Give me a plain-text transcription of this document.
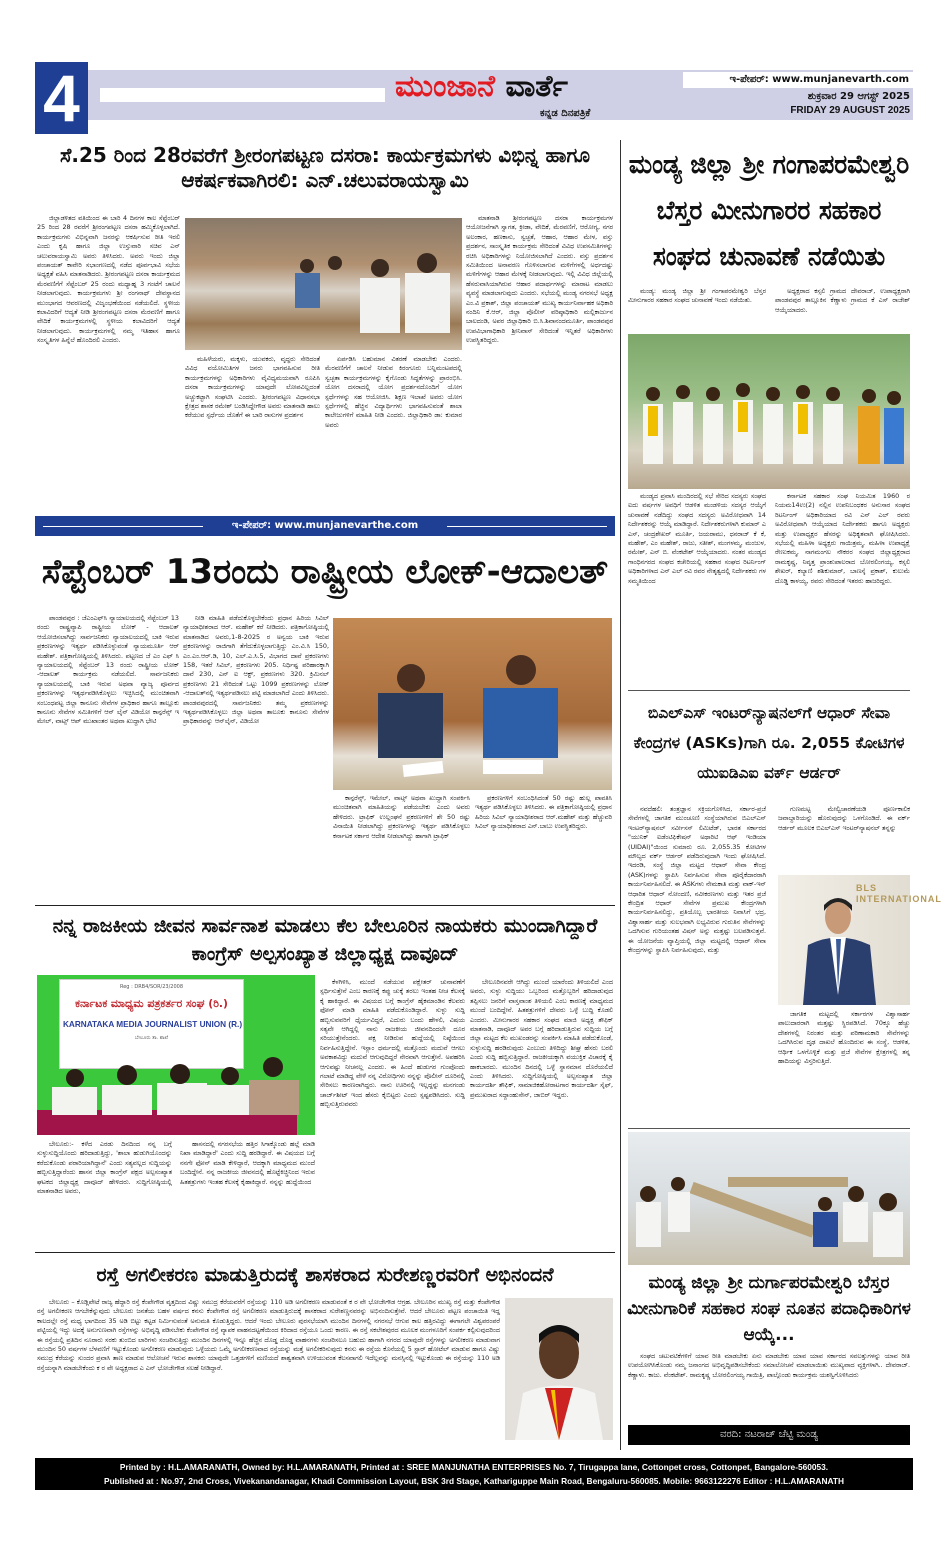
4	ಮುಂಜಾನೆ ವಾರ್ತೆ
ಕನ್ನಡ ದಿನಪತ್ರಿಕೆ
ಇ-ಪೇಪರ್: www.munjanevarth.com
ಶುಕ್ರವಾರ 29 ಆಗಸ್ಟ್ 2025
FRIDAY 29 AUGUST 2025
ಸೆ.25 ರಿಂದ 28ರವರೆಗೆ ಶ್ರೀರಂಗಪಟ್ಟಣ ದಸರಾ: ಕಾರ್ಯಕ್ರಮಗಳು ವಿಭಿನ್ನ ಹಾಗೂ ಆಕರ್ಷಕವಾಗಿರಲಿ: ಎನ್.ಚಲುವರಾಯಸ್ವಾಮಿ
ಜಿಲ್ಲಾಡಳಿತದ ವತಿಯಿಂದ ಈ ಬಾರಿ 4 ದಿನಗಳ ಕಾಲ ಸೆಪ್ಟೆಂಬರ್ 25 ರಿಂದ 28 ರವರೆಗೆ ಶ್ರೀರಂಗಪಟ್ಟಣ ದಸರಾ ಹಮ್ಮಿಕೊಳ್ಳಲಾಗಿದೆ. ಕಾರ್ಯಕ್ರಮಗಳು ವಿಭಿನ್ನವಾಗಿ ಜನರನ್ನು ಆಕರ್ಷಿಸುವ ರೀತಿ ಇರಲಿ ಎಂದು ಕೃಷಿ ಹಾಗೂ ಜಿಲ್ಲಾ ಉಸ್ತುವಾರಿ ಸಚಿವ ಎನ್ ಚಲುವರಾಯಸ್ವಾಮಿ ಅವರು ತಿಳಿಸಿದರು. ಅವರು ಇಂದು ಜಿಲ್ಲಾ ಪಂಚಾಯತ್ ಕಾವೇರಿ ಸಭಾಂಗಣದಲ್ಲಿ ನಡೆದ ಪೂರ್ವಭಾವಿ ಸಭೆಯ ಅಧ್ಯಕ್ಷತೆ ವಹಿಸಿ ಮಾತನಾಡಿದರು. ಶ್ರೀರಂಗಪಟ್ಟಣ ದಸರಾ ಕಾರ್ಯಕ್ರಮದ ಮೆರವಣಿಗೆಗೆ ಸೆಪ್ಟೆಂಬರ್ 25 ರಂದು ಮಧ್ಯಾಹ್ನ 3 ಗಂಟೆಗೆ ಚಾಲನೆ ನೀಡಲಾಗುವುದು. ಕಾರ್ಯಕ್ರಮಗಳು ಶ್ರೀ ರಂಗನಾಥ್ ದೇವಸ್ಥಾನದ ಮುಂಭಾಗದ ಆವರಣದಲ್ಲಿ ವಿಜೃಂಭಣೆಯಿಂದ ನಡೆಯಲಿದೆ. ಸ್ಥಳೀಯ ಕಲಾವಿದರಿಗೆ ಆದ್ಯತೆ ನೀಡಿ ಶ್ರೀರಂಗಪಟ್ಟಣ ದಸರಾ ಮೆರವಣಿಗೆ ಹಾಗೂ ವೇದಿಕೆ ಕಾರ್ಯಕ್ರಮಗಳಲ್ಲಿ ಸ್ಥಳೀಯ ಕಲಾವಿದರಿಗೆ ಆದ್ಯತೆ ನೀಡಲಾಗುವುದು. ಕಾರ್ಯಕ್ರಮಗಳಲ್ಲಿ ನಮ್ಮ ಇತಿಹಾಸ ಹಾಗೂ ಸಂಸ್ಕೃತಿಗಳ ಹಿನ್ನೆಲೆ ಹೊಂದಿರಲಿ ಎಂದರು.
ಮಹಿಳೆಯರು, ಮಕ್ಕಳು, ಯುವಕರು, ವೃದ್ಧರು ಸೇರಿದಂತೆ ವಿವಿಧ ವಯೋಮಿತಿಗಳ ಜನರು ಭಾಗವಹಿಸುವ ರೀತಿ ಕಾರ್ಯಕ್ರಮಗಳನ್ನು ಅಧಿಕಾರಿಗಳು ವೈವಿಧ್ಯಮಯವಾಗಿ ರೂಪಿಸಿ ದಸರಾ ಕಾರ್ಯಕ್ರಮಗಳನ್ನು ಯಾವುದೇ ಲೋಪವಿಲ್ಲದಂತೆ ಅಚ್ಚುಕಟ್ಟಾಗಿ ಸಂಘಟಿಸಿ ಎಂದರು. ಶ್ರೀರಂಗಪಟ್ಟಣ ವಿಧಾನಸಭಾ ಕ್ಷೇತ್ರದ ಶಾಸಕ ರಮೇಶ್ ಬಂಡಿಸಿದ್ದೇಗೌಡ ಅವರು ಮಾತನಾಡಿ ಹಾಲು ಕರೆಯುವ ಸ್ಪರ್ಧೆಯ ಜೊತೆಗೆ ಈ ಬಾರಿ ರಾಸುಗಳ ಪ್ರದರ್ಶನ
ಏರ್ಪಡಿಸಿ ಬಹುಮಾನ ವಿತರಣೆ ಮಾಡಬೇಕು ಎಂದರು. ಮೆರವಣಿಗೆಗೆ ಚಾಲನೆ ನೀಡುವ ಕಿರಂಗೂರು ಬನ್ನಿಮಂಟಪದಲ್ಲಿ ಸ್ವಚ್ಛತಾ ಕಾರ್ಯಕ್ರಮಗಳನ್ನು ಕೈಗೊಂಡು ಸಿದ್ಧತೆಗಳನ್ನು ಪ್ರಾರಂಭಿಸಿ. ಯೋಗ ದಸರಾದಲ್ಲಿ ಯೋಗ ಪ್ರದರ್ಶನದೊಂದಿಗೆ ಯೋಗ ಸ್ಪರ್ಧೆಗಳನ್ನು ಸಹ ಆಯೋಜಿಸಿ. ಶಿಕ್ಷಣ ಇಲಾಖೆ ಅವರು ಯೋಗ ಸ್ಪರ್ಧೆಗಳಲ್ಲಿ ಹೆಚ್ಚಿನ ವಿದ್ಯಾರ್ಥಿಗಳು ಭಾಗವಹಿಸುವಂತೆ ಶಾಲಾ ಕಾಲೇಜುಗಳಿಗೆ ಮಾಹಿತಿ ನೀಡಿ ಎಂದರು. ಜಿಲ್ಲಾಧಿಕಾರಿ ಡಾ: ಕುಮಾರ ಅವರು
ಮಾತನಾಡಿ ಶ್ರೀರಂಗಪಟ್ಟಣ ದಸರಾ ಕಾರ್ಯಕ್ರಮಗಳ ಆಯೋಜನೆಗಾಗಿ ಸ್ವಾಗತ, ಕ್ರೀಡಾ, ವೇದಿಕೆ, ಮೆರವಣಿಗೆ, ಆರೋಗ್ಯ, ನಗರ ಅಲಂಕಾರ, ಹಣಕಾಸು, ಸ್ವಚ್ಛತೆ, ಆಹಾರ, ಆಹಾರ ಮೇಳ, ವಸ್ತು ಪ್ರದರ್ಶನ, ಸಾಂಸ್ಕೃತಿಕ ಕಾರ್ಯಕ್ರಮ ಸೇರಿದಂತೆ ವಿವಿಧ ಉಪಸಮಿತಿಗಳನ್ನು ರಚಿಸಿ ಅಧಿಕಾರಿಗಳನ್ನು ನಿಯೋಜಿಸಲಾಗಿದೆ ಎಂದರು. ವಸ್ತು ಪ್ರದರ್ಶನ ಸಮಿತಿಯಿಂದ ಅನಾವರಣ ಗೊಳಿಸಲಾಗುವ ಮಳಿಗೆಗಳಲ್ಲಿ ಅರ್ಧದಷ್ಟು ಮಳಿಗೆಗಳನ್ನು ಆಹಾರ ಮೇಳಕ್ಕೆ ನೀಡಲಾಗುವುದು. ಇಲ್ಲಿ ವಿವಿಧ ಜಿಲ್ಲೆಯಲ್ಲಿ ಹೆಸರುವಾಸಿಯಾಗಿರುವ ಆಹಾರ ಪದಾರ್ಥಗಳನ್ನು ಮಾರಾಟ ಮಾಡಲು ವ್ಯವಸ್ಥೆ ಮಾಡಲಾಗುವುದು ಎಂದರು. ಸಭೆಯಲ್ಲಿ ಮಂಡ್ಯ ನಗರಸಭೆ ಅಧ್ಯಕ್ಷ ಎಂ.ವಿ ಪ್ರಕಾಶ್, ಜಿಲ್ಲಾ ಪಂಚಾಯತ್ ಮುಖ್ಯ ಕಾರ್ಯನಿರ್ವಾಹಕ ಅಧಿಕಾರಿ ನಂದಿನಿ ಕೆ.ಆರ್, ಜಿಲ್ಲಾ ಪೊಲೀಸ್ ವರಿಷ್ಠಾಧಿಕಾರಿ ಮಲ್ಲಿಕಾರ್ಜುನ ಬಾಲದಂಡಿ, ಅಪರ ಜಿಲ್ಲಾಧಿಕಾರಿ ಬಿ.ಸಿ.ಶಿವಾನಂದಮೂರ್ತಿ, ಪಾಂಡವಪುರ ಉಪವಿಭಾಗಾಧಿಕಾರಿ ಶ್ರೀನಿವಾಸ್ ಸೇರಿದಂತೆ ಇನ್ನಿತರೆ ಅಧಿಕಾರಿಗಳು ಉಪಸ್ಥಿತರಿದ್ದರು.
ಇ-ಪೇಪರ್: www.munjanevarthe.com
ಸೆಪ್ಟೆಂಬರ್ 13ರಂದು ರಾಷ್ಟ್ರೀಯ ಲೋಕ್-ಆದಾಲತ್
ಪಾಂಡವಪುರ : ಜೆಎಂಎಫ್‌ಸಿ ನ್ಯಾಯಾಲಯದಲ್ಲಿ ಸೆಪ್ಟೆಂಬರ್ 13 ರಂದು ರಾಷ್ಟ್ರವ್ಯಾಪಿ ರಾಷ್ಟ್ರೀಯ ಲೋಕ್ - ಆದಾಲತ್ ಆಯೋಜಿಸಲಾಗಿದ್ದು ಸಾರ್ವಜನಿಕರು ನ್ಯಾಯಾಲಯದಲ್ಲಿ ಬಾಕಿ ಇರುವ ಪ್ರಕರಣಗಳನ್ನು ಇತ್ಯರ್ಥ ಪಡಿಸಿಕೊಳ್ಳುವಂತೆ ನ್ಯಾಯಮೂರ್ತಿ ಆರ್ ಮಹೇಶ್. ಪತ್ರಿಕಾಗೋಷ್ಠಿಯಲ್ಲಿ ತಿಳಿಸಿದರು. ಪಟ್ಟಣದ ಜೆ ಎಂ ಎಫ್ ಸಿ ನ್ಯಾಯಾಲಯದಲ್ಲಿ ಸೆಪ್ಟೆಂಬರ್ 13 ರಂದು ರಾಷ್ಟ್ರೀಯ ಲೋಕ್ -ಆದಾಲತ್ ಕಾರ್ಯಕ್ರಮ ನಡೆಯಲಿದೆ. ಸಾರ್ವಜನಿಕರು ನ್ಯಾಯಾಲಯದಲ್ಲಿ ಬಾಕಿ ಇರುವ ಅಥವಾ ವ್ಯಾಜ್ಯ ಪೂರ್ವದ ಪ್ರಕರಣಗಳನ್ನು ಇತ್ಯರ್ಥಪಡಿಸಿಕೊಳ್ಳಲು ಇಚ್ಛಿಸಿದಲ್ಲಿ ಮುಂಚಿತವಾಗಿ ಸಂಬಂಧಪಟ್ಟ ಜಿಲ್ಲಾ ಕಾನೂನು ಸೇವೆಗಳ ಪ್ರಾಧಿಕಾರ ಹಾಗೂ ತಾಲ್ಲೂಕು ಕಾನೂನು ಸೇವೆಗಳ ಸಮಿತಿಗಳಿಗೆ ಆನ್ ಲೈನ್ ವಿಡಿಯೋ ಕಾನ್ಫರೆನ್ಸ್ ಇ ಮೇಲ್, ವಾಟ್ಸ್ ಆಪ್ ಮುಖಾಂತರ ಅಥವಾ ಖುದ್ದಾಗಿ ಭೇಟಿ
ನೀಡಿ ಮಾಹಿತಿ ಪಡೆದುಕೊಳ್ಳಬೇಕೆಂದು ಪ್ರಧಾನ ಹಿರಿಯ ಸಿವಿಲ್ ನ್ಯಾಯಾಧೀಶರಾದ ಆರ್. ಮಹೇಶ್ ಕರೆ ನೀಡಿದರು. ಪತ್ರಿಕಾಗೋಷ್ಠಿಯಲ್ಲಿ ಮಾತನಾಡಿದ ಅವರು,1-8-2025 ರ ಅನ್ವಯ ಬಾಕಿ ಇರುವ ಪ್ರಕರಣಗಳನ್ನು ರಾಜಿಗಾಗಿ ತೆಗೆದುಕೊಳ್ಳಲಾಗುತ್ತಿದ್ದು ಎಂ.ವಿ.ಸಿ 150, ಎಂ.ಎಂ.ಆರ್.ಡಿ, 10, ಎಲ್.ಎ.ಸಿ.5, ವಿಭಾಗದ ದಾವೆ ಪ್ರಕರಣಗಳು 158, ಇತರೆ ಸಿವಿಲ್, ಪ್ರಕರಣಗಳು 205. ನಿರ್ಧಿಷ್ಟ ಪರಿಹಾರಕ್ಕಾಗಿ ದಾವೆ 230, ಎನ್ ಐ ಆಕ್ಟ್, ಪ್ರಕರಣಗಳು 320. ಕ್ರಿಮಿನಲ್ ಪ್ರಕರಣಗಳು 21 ಸೇರಿದಂತೆ ಒಟ್ಟು 1099 ಪ್ರಕರಣಗಳನ್ನು ಲೋಕ್ -ಆದಾಲತ್‌ನಲ್ಲಿ ಇತ್ಯರ್ಥಪಡಿಸಲು ಪಟ್ಟಿ ಮಾಡಲಾಗಿದೆ ಎಂದು ತಿಳಿಸಿದರು. ಪಾಂಡವಪುರದಲ್ಲಿ ಸಾರ್ವಜನಿಕರು ತಮ್ಮ ಪ್ರಕರಣಗಳನ್ನು ಇತ್ಯರ್ಥಪಡಿಸಿಕೊಳ್ಳಲು ಜಿಲ್ಲಾ ಅಥವಾ ತಾಲೂಕು ಕಾನೂನು ಸೇವೆಗಳ ಪ್ರಾಧಿಕಾರವನ್ನು ಆನ್‌ಲೈನ್, ವಿಡಿಯೋ
ಕಾನ್ಫರೆನ್ಸ್, ಇಮೇಲ್, ವಾಟ್ಸ್ ಅಥವಾ ಖುದ್ದಾಗಿ ಸಂಪರ್ಕಿಸಿ ಮುಂಚಿತವಾಗಿ ಮಾಹಿತಿಯನ್ನು ಪಡೆಯಬೇಕು ಎಂದು ಅವರು ಹೇಳಿದರು. ಟ್ರಾಫಿಕ್ ಉಲ್ಲಂಘನೆ ಪ್ರಕರಣಗಳಿಗೆ ಶೇ 50 ರಷ್ಟು ವಿನಾಯಿತಿ ನೀಡಲಾಗಿದ್ದು ಪ್ರಕರಣಗಳನ್ನು ಇತ್ಯರ್ಥ ಪಡಿಸಿಕೊಳ್ಳಲು ಕರ್ನಾಟಕ ಸರ್ಕಾರ ಆದೇಶ ನೀಡಲಾಗಿದ್ದು ಹಾಗಾಗಿ ಟ್ರಾಫಿಕ್
ಪ್ರಕರಣಗಳಿಗೆ ಸಂಬಂಧಿಸಿದಂತೆ 50 ರಷ್ಟು ಹುಲ್ಲ ಪಾವತಿಸಿ ಇತ್ಯರ್ಥ ಪಡಿಸಿಕೊಳ್ಳಲು ತಿಳಿಸಿದರು. ಈ ಪತ್ರಿಕಾಗೋಷ್ಠಿಯಲ್ಲಿ ಪ್ರಧಾನ ಹಿರಿಯ ಸಿವಿಲ್ ನ್ಯಾಯಾಧೀಶರಾದ ಆರ್.ಮಹೇಶ್ ಮತ್ತು ಹೆಚ್ಚುವರಿ ಸಿವಿಲ್ ನ್ಯಾಯಾಧೀಶರಾದ ಎನ್.ಬಾಬು ಉಪಸ್ಥಿತರಿದ್ದರು.
ನನ್ನ ರಾಜಕೀಯ ಜೀವನ ಸಾರ್ವನಾಶ ಮಾಡಲು ಕೆಲ ಬೇಲೂರಿನ ನಾಯಕರು ಮುಂದಾಗಿದ್ದಾರೆ ಕಾಂಗ್ರೆಸ್ ಅಲ್ಪಸಂಖ್ಯಾತ ಜಿಲ್ಲಾಧ್ಯಕ್ಷ ದಾವೂದ್
Reg : DRB4/SOR/23/2008
ಕರ್ನಾಟಕ ಮಾಧ್ಯಮ ಪತ್ರಕರ್ತರ ಸಂಘ (ರಿ.)
KARNATAKA MEDIA JOURNALIST UNION (R.)
ಬೇಲೂರು ತಾ. ಶಾಖೆ
ಬೇಲೂರು:- ಕಳೆದ ಎರಡು ದಿನದಿಂದ ನನ್ನ ಬಗ್ಗೆ ಸುಳ್ಳುಸುದ್ದಿಯೊಂದು ಹರಿದಾಡುತ್ತಿದ್ದು, 'ಶಾಲಾ ಹುಡುಗಿಯೊಂದನ್ನು ಕರೆದುಕೊಂಡು ಪರಾರಿಯಾಗಿದ್ದಾನೆ' ಎಂದು ಸತ್ಯವಲ್ಲದ ಸುದ್ದಿಯನ್ನು ಹಬ್ಬಿಸುತ್ತಿದ್ದಾರೆಂದು ಹಾಸನ ಜಿಲ್ಲಾ ಕಾಂಗ್ರೆಸ್ ಪಕ್ಷದ ಅಲ್ಪಸಂಖ್ಯಾತ ಘಟಕದ ಜಿಲ್ಲಾಧ್ಯಕ್ಷ ದಾವೂದ್ ಹೇಳಿದರು. ಸುದ್ದಿಗೋಷ್ಠಿಯಲ್ಲಿ ಮಾತನಾಡಿದ ಅವರು,
ಹಾಸನದಲ್ಲಿ ನಗರಸಭೆಯ ಹತ್ತಿರ ಸಿಗಾಕ್ಕೊಂಡು ಹಲ್ಲೆ ಮಾಡಿ ನಿಖಾ ಮಾಡಿದ್ದಾರೆ' ಎಂದು ಸುದ್ದಿ ಹರಡಿದ್ದಾರೆ. ಈ ವಿಷಯದ ಬಗ್ಗೆ ನನಗೇ ಫೋನ್ ಮಾಡಿ ಕೇಳಿದ್ದಾರೆ, ಆದಕ್ಕಾಗಿ ಮಾಧ್ಯಮದ ಮುಂದೆ ಬಂದಿದ್ದೇನೆ. ನನ್ನ ರಾಜಕೀಯ ಜೀವನದಲ್ಲಿ ಹೊಟ್ಟೆಕಿಚ್ಚಿನಿಂದ ಇರುವ ಹಿತಶತ್ರುಗಳು ಇಂತಹ ಕೆಲಸಕ್ಕೆ ಕೈಹಾಕಿದ್ದಾರೆ. ನನ್ನನ್ನು ಹುದ್ದೆಯಿಂದ
ಕೆಳಗಿಳಿಸಿ, ಮುಂದೆ ನಡೆಯುವ ಪಕ್ಷೇತರ್ ಚುನಾವಣೆಗೆ ಸ್ಪರ್ಧಿಸುತ್ತೇನೆ ಎಂಬ ಕಾರಣಕ್ಕೆ ಕಪ್ಪು ಚುಕ್ಕೆ ತರಲು ಇಂತಹ ನೀಚ ಕೆಲಸಕ್ಕೆ ಕೈ ಹಾಕಿದ್ದಾರೆ. ಈ ವಿಷಯದ ಬಗ್ಗೆ ಕಾಂಗ್ರೆಸ್ ಹೈಕಮಾಂಡಿನ ಕೆಲವರು ಫೋನ್ ಮಾಡಿ ಮಾಹಿತಿ ಪಡೆದುಕೊಂಡಿದ್ದಾರೆ. ಸುಳ್ಳು ಸುದ್ದಿ ಹಬ್ಬಿಸುವವರಿಗೆ ಧೈರ್ಯವಿದ್ದರೆ, ಎದುರು ಬಂದು ಹೇಳಲಿ, ವಿಷಯ ಸತ್ಯವೇ ಆಗಿದ್ದಲ್ಲಿ ನಾನು ರಾಜಕೀಯ ಜೀವನದಿಂದಲೇ ದೂರ ಸರಿಯುತ್ತೇನೆಂದರು. ಪಕ್ಷ ನೀಡಿರುವ ಹುದ್ದೆಯಲ್ಲಿ ನಿಷ್ಠೆಯಿಂದ ನಿರ್ವಹಿಸುತ್ತಿದ್ದೇನೆ. ಇಸ್ಲಾಂ ಧರ್ಮದಲ್ಲಿ ಮತ್ತೊಂದು ಮದುವೆ ಆಗಲು ಅವಕಾಶವಿದ್ದು ಮದುವೆ ಆಗುವುದಿದ್ದರೆ ನೇರವಾಗಿ ಆಗುತ್ತೇನೆ. ಅಪಹರಿಸಿ ಆಗುವಷ್ಟು ನೀಚನಲ್ಲ ಎಂದರು. ಈ ಹಿಂದೆ ಹುಡುಗರ ಗುಂಪೊಂದು ಗಲಾಟೆ ಮಾಡಿದ್ದ ವೇಳೆ ನನ್ನ ವಿರೋಧಿಗಳು ನನ್ನನ್ನು ಪೊಲೀಸ್ ದೂರಿನಲ್ಲಿ ಸೇರಿಸಲು ಕಾರಣರಾಗಿದ್ದರು. ನಾನು ಊರಿನಲ್ಲಿ ಇಲ್ಲದ್ದನ್ನು ಮನಗಂಡು ಚಾರ್ಜ್‌ಶೀಟ್ ಇಂದ ಹೆಸರು ಕೈಬಿಟ್ಟರು ಎಂದು ಸ್ಪಷ್ಟಪಡಿಸಿದರು. ಸುದ್ದಿ ಹಬ್ಬಿಸುತ್ತಿರುವವರು
ಬೇಲೂರಿನವರೇ ಆಗಿದ್ದು ಮುಂದೆ ಯಾರೆಂದು ತಿಳಿಯಲಿದೆ ಎಂದ ಅವರು, ಸುಳ್ಳು ಸುದ್ದಿಯು ಒಬ್ಬರಿಂದ ಮತ್ತೊಬ್ಬರಿಗೆ ಹರಿದಾಡುವುದ ತಪ್ಪಿಸಲು ಜನರಿಗೆ ವಾಸ್ತವಾಂಶ ತಿಳಿಯಲಿ ಎಂಬ ಕಾರಣಕ್ಕೆ ಮಾಧ್ಯಮದ ಮುಂದೆ ಬಂದಿದ್ದೇನೆ. ಹಿತಶತ್ರುಗಳಿಗೆ ದೇವರು ಒಳ್ಳೆ ಬುದ್ಧಿ ಕೊಡಲಿ ಎಂದರು. ಮೀನುಗಾರರ ಸಹಕಾರ ಸಂಘದ ಮಾಜಿ ಅಧ್ಯಕ್ಷ ತೌಫಿಕ್ ಮಾತನಾಡಿ, ದಾವೂದ್ ಅವರ ಬಗ್ಗೆ ಹರಿದಾಡುತ್ತಿರುವ ಸುದ್ದಿಯ ಬಗ್ಗೆ ಜಿಲ್ಲಾ ಮಟ್ಟದ ಕೆಲ ಮುಖಂಡರನ್ನು ಸಂಪರ್ಕಿಸಿ ಮಾಹಿತಿ ಪಡೆದುಕೊಂಡೆ, ಸುಳ್ಳುಸುದ್ದಿ ಹರಡಿರುವುದು ಎಂಬುದು ತಿಳಿದಿದ್ದು ಶೀಘ್ರ ಹೆಸರು ಬರಲಿ ಎಂದು ಸುದ್ದಿ ಹಬ್ಬಿಸುತ್ತಿದ್ದಾರೆ. ರಾಜಕೀಯಕ್ಕಾಗಿ ವಯುಕ್ತಿಕ ವಿಚಾರಕ್ಕೆ ಕೈ ಹಾಕಬಾರದು. ಮುಂದಿನ ದಿನದಲ್ಲಿ ಒಳ್ಳೆ ಸ್ಥಾನಮಾನ ದೊರೆಯಲಿದೆ ಎಂದು ತಿಳಿಸಿದರು. ಸುದ್ದಿಗೋಷ್ಠಿಯಲ್ಲಿ ಅಲ್ಪಸಂಖ್ಯಾತ ಜಿಲ್ಲಾ ಕಾರ್ಯದರ್ಶಿ ತೌಫಿಕ್, ಸಾಮಾಜಿಕಹೋರಾಟಗಾರ ಕಾರ್ಯದರ್ಶಿ ಸೈಫ್, ಪ್ರಮುಖರಾದ ಸದ್ದಾಂಹುಸೇನ್, ಜಾಬಿರ್ ಇದ್ದರು.
ರಸ್ತೆ ಅಗಲೀಕರಣ ಮಾಡುತ್ತಿರುದಕ್ಕೆ ಶಾಸಕರಾದ ಸುರೇಶಣ್ಣರವರಿಗೆ ಅಭಿನಂದನೆ
ಬೇಲೂರು – ಕೊಡ್ಲಿಪೇಟೆ ರಾಜ್ಯ ಹೆದ್ದಾರಿ ರಸ್ತೆ ಕೆಂಪೇಗೌಡ ವೃತ್ತದಿಂದ ವಿಷ್ಣು ಸಮುದ್ರ ಕೆರೆಯವರೆಗೆ ರಸ್ತೆಯನ್ನು 110 ಅಡಿ ಅಗಲೀಕರಣ ಮಾಡುವಂತೆ ಕ ರ ವೇ ಭೋಜೇಗೌಡ ಆಗ್ರಹ. ಬೇಲೂರಿನ ಮುಖ್ಯ ರಸ್ತೆ ಮತ್ತು ಕೆಂಪೇಗೌಡ ರಸ್ತೆ ಅಗಲೀಕರಣ ಆಗಬೇಕೆನ್ನುವುದು ಬೇಲೂರು ಜನತೆಯ ಬಹಳ ವರ್ಷದ ಕನಸು ಕೆಂಪೇಗೌಡ ರಸ್ತೆ ಅಗಲೀಕರಣ ಮಾಡುತ್ತಿರುದಕ್ಕೆ ಶಾಸಕರಾದ ಸುರೇಶಣ್ಣನವರನ್ನು ಅಭಿನಂದಿಸುತ್ತೇವೆ. ಆದರೆ ಬೇಲೂರು ಪಟ್ಟಣ ಪಂಚಾಯಿತಿ ಇದ್ದ ಕಾಲದಲ್ಲೇ ರಸ್ತೆ ಮಧ್ಯ ಭಾಗದಿಂದ 35 ಅಡಿ ಬಿಟ್ಟು ಕಟ್ಟಡ ನಿರ್ಮಿಸುವಂತೆ ಅನುಮತಿ ಕೊಡುತ್ತಿದ್ದರು. ಆದರೆ ಇಂದು ಬೇಲೂರು ಪುರಸಭೆಯಾಗಿ ಮುಂದಿನ ದಿನಗಳಲ್ಲಿ ನಗರಸಭೆ ಆಗುವ ಕಾಲ ಹತ್ತಿರವಿದ್ದು ಈಗಾಗಲೇ ವಿಶ್ವಪರಂಪರೆ ಪಟ್ಟಿಯಲ್ಲಿ ಇದ್ದು ಅದಕ್ಕೆ ಅನುಗುಣವಾಗಿ ರಸ್ತೆಗಳನ್ನು ಅಭಿವೃದ್ಧಿ ಪಡಿಸಬೇಕು ಕೆಂಪೇಗೌಡ ರಸ್ತೆ ವ್ಯಾಪಕ ವಾಹನದಟ್ಟಣೆಯಿಂದ ಕಿರಿದಾದ ರಸ್ತೆಯೂ ಒಂದು ಕಾರಣ. ಈ ರಸ್ತೆ ಸಕಲೇಶಪುರದ ಮೂಲಕ ಮಂಗಳೂರಿಗೆ ಸಂಪರ್ಕ ಕಲ್ಪಿಸುವುದರಿಂದ ಈ ರಸ್ತೆಯಲ್ಲಿ ಪ್ರತಿದಿನ ನೂರಾರು ಸರಕು ತುಂಬಿದ ಲಾರಿಗಳು ಸಂಚರಿಸುತ್ತಿದ್ದು ಮುಂದಿನ ದಿನಗಳಲ್ಲಿ ಇನ್ನೂ ಹೆಚ್ಚಿನ ದೊಡ್ಡ ದೊಡ್ಡ ವಾಹನಗಳು ಸಂಚರಿಸಲೂ ಬಹುದು ಹಾಗಾಗಿ ನಗರದ ಯಾವುದೇ ರಸ್ತೆಗಳನ್ನು ಅಗಲೀಕರಣ ಮಾಡುವಾಗ ಮುಂದಿನ 50 ವರ್ಷಗಳ ಬೆಳವಣಿಗೆ ಇಟ್ಟುಕೊಂಡು ಅಗಲೀಕರಣ ಮಾಡುವುದು ಒಳ್ಳೆಯದು ಒಮ್ಮೆ ಅಗಲೀಕರಣವಾದ ರಸ್ತೆಯನ್ನು ಮತ್ತೆ ಅಗಲೀಕರಿಸುವುದು ಕನಸು ಈ ರಸ್ತೆಯ ಕೊನೆಯಲ್ಲಿ 5 ಸ್ಟಾರ್ ಹೋಟೆಲ್ ಮಾಡುವ ಹಾಗೂ ವಿಷ್ಣು ಸಮುದ್ರ ಕೆರೆಯನ್ನು ಸುಂದರ ಪ್ರವಾಸಿ ತಾಣ ಮಾಡುವ ಆಲೋಚನೆ ಇರುವ ಶಾಸಕರು ಯಾವುದೇ ಒತ್ತಡಗಳಿಗೆ ಮಣಿಯದೆ ಶಾಶ್ವತವಾಗಿ ಉಳಿಯುವಂತ ಕೆಲಸವಾಗಲಿ ಇದೆಲ್ಲವನ್ನು ಮನಸ್ಸಿನಲ್ಲಿ ಇಟ್ಟುಕೊಂಡು ಈ ರಸ್ತೆಯನ್ನು 110 ಅಡಿ ರಸ್ತೆಯನ್ನಾಗಿ ಮಾಡಬೇಕೆಂದು ಕ ರ ವೇ ಅಧ್ಯಕ್ಷರಾದ ಎ ಎನ್ ಭೋಜೇಗೌಡ ಸಲಹೆ ನೀಡಿದ್ದಾರೆ.
ಮಂಡ್ಯ ಜಿಲ್ಲಾ ಶ್ರೀ ಗಂಗಾಪರಮೇಶ್ವರಿ ಬೆಸ್ತರ ಮೀನುಗಾರರ ಸಹಕಾರ ಸಂಘದ ಚುನಾವಣೆ ನಡೆಯಿತು
ಮಂಡ್ಯ: ಮಂಡ್ಯ ಜಿಲ್ಲಾ ಶ್ರೀ ಗಂಗಾಪರಮೇಶ್ವರಿ ಬೆಸ್ತರ ಮೀನುಗಾರರ ಸಹಕಾರ ಸಂಘದ ಚುನಾವಣೆ ಇಂದು ನಡೆಯಿತು.
ಅಧ್ಯಕ್ಷರಾದ ಕಸ್ಸಲಿ ಗ್ರಾಮದ ದೇವರಾಜ್, ಉಪಾಧ್ಯಕ್ಷರಾಗಿ ಪಾಂಡವಪುರ ತಾಲ್ಲೂಕಿನ ಕೆಣ್ಣಾಳು ಗ್ರಾಮದ ಕೆ ಎಸ್ ರಾಜೇಶ್ ಆಯ್ಕೆಯಾದರು.
ಮಂಡ್ಯದ ಪ್ರವಾಸಿ ಮಂದಿರದಲ್ಲಿ ಸಭೆ ಸೇರಿದ ಸದಸ್ಯರು ಸಂಘದ ಐದು ವರ್ಷಗಳ ಅವಧಿಗೆ ಆಡಳಿತ ಮಂಡಳಿಯ ಸದಸ್ಯರ ಆಯ್ಕೆಗೆ ಚುನಾವಣೆ ನಡೆದಿದ್ದು ಸಂಘದ ಸದಸ್ಯರು ಅವಿರೋಧವಾಗಿ 14 ನಿರ್ದೇಶಕರನ್ನು ಆಯ್ಕೆ ಮಾಡಿದ್ದಾರೆ. ನಿರ್ದೇಶಕರುಗಳಾಗಿ ಕುಮಾರ್ ಎ ಎಸ್, ಚಂದ್ರಶೇಖರ್ ಮೂರ್ತಿ, ಜಯರಾಮು, ಧನರಾಜ್ ಕೆ ಕೆ, ಮಹೇಶ್, ಎಂ ಮಹೇಶ್, ರಾಜು, ಸತೀಶ್, ಮಂಗಳಮ್ಮ, ಮಂಜುಳ, ರಮೇಶ್, ಎನ್ ಬಿ. ವೆಂಕಟೇಶ್ ಆಯ್ಕೆಯಾದರು. ನಂತರ ಮಂಡ್ಯದ ಗಾಂಧಿನಗರದ ಸಂಘದ ಕಚೇರಿಯಲ್ಲಿ ಸಹಕಾರ ಸಂಘದ ರಿಟರ್ನಿಂಗ್ ಅಧಿಕಾರಿಗಳಾದ ಎನ್ ಎಲ್ ರವಿ ರವರ ನೇತೃತ್ವದಲ್ಲಿ ನಿರ್ದೇಶಕರು ಗಳ ಸಮ್ಮತಿಯಿಂದ
ಕರ್ನಾಟಕ ಸಹಕಾರ ಸಂಘ ನಿಯಮಿತ 1960 ರ ನಿಯಮ14ಉ(2) ನಲ್ಲಿನ ಉಪನಿಬಂಧಕರ ಅನುಸಾರ ಸಂಘದ ರಿಟರ್ನಿಂಗ್ ಅಧಿಕಾರಿಯಾದ ರವಿ ಎನ್ ಎಲ್ ರವರು ಅವಿರೋಧವಾಗಿ ಆಯ್ಕೆಯಾದ ನಿರ್ದೇಶಕರು ಹಾಗೂ ಅಧ್ಯಕ್ಷರು ಮತ್ತು ಉಪಾಧ್ಯಕ್ಷರ ಹೆಸರನ್ನು ಅಧಿಕೃತವಾಗಿ ಘೋಷಿಸಿದರು. ಸಭೆಯಲ್ಲಿ ಮಹಿಳಾ ಅಧ್ಯಕ್ಷರು ಗಾಯಿತ್ರಮ್ಮ, ಮಹಿಳಾ ಉಪಾಧ್ಯಕ್ಷೆ ರೇಣುಕಮ್ಮ, ನಾಗಮಂಗಲ ನೌಕರರ ಸಂಘದ ಜಿಲ್ಲಾಧ್ಯಕ್ಷರಾದ ರಾಮಕೃಷ್ಣ, ನಿವೃತ್ತ ಪ್ರಾಂಶುಪಾಲರಾದ ಬೋರಲಿಂಗಯ್ಯ, ಕಸ್ಸಲಿ ಶೇಖರ್, ಕಲ್ಯಾಣಿ ಶಶಿಕುಮಾರ್, ಬಾಣಸ್ಕೆ ಪ್ರಕಾಶ್, ಕುಲುಮೆ ದೊಡ್ಡಿ ಕಾಳಯ್ಯ, ರವರು ಸೇರಿದಂತೆ ಇತರರು ಹಾಜರಿದ್ದರು.
ಬಿಎಲ್ಎಸ್ ಇಂಟರ್‌ನ್ಯಾಷನಲ್‌ಗೆ ಆಧಾರ್ ಸೇವಾ ಕೇಂದ್ರಗಳ (ASKs)ಗಾಗಿ ರೂ. 2,055 ಕೋಟಿಗಳ ಯುಐಡಿಎಐ ವರ್ಕ್ ಆರ್ಡರ್
ನವದೆಹಲಿ: ತಂತ್ರಜ್ಞಾನ ಸಕ್ರಿಯಗೊಳಿಸಿದ, ಸರ್ಕಾರ-ಪ್ರಜೆ ಸೇವೆಗಳಲ್ಲಿ ಜಾಗತಿಕ ಮುಂಚೂಣಿ ಸಂಸ್ಥೆಯಾಗಿರುವ ಬಿಎಲ್ಎಸ್ ಇಂಟರ್‌ನ್ಯಾಷನಲ್ ಸರ್ವೀಸಸ್ ಲಿಮಿಟೆಡ್, ಭಾರತ ಸರ್ಕಾರದ "ಯುನಿಕ್ ಐಡೆಂಟಿಫಿಕೇಷನ್ ಅಥಾರಿಟಿ ಆಫ್ ಇಂಡಿಯಾ (UIDAI)"ಯಿಂದ ಸುಮಾರು ರೂ. 2,055.35 ಕೋಟಿಗಳ ಮೌಲ್ಯದ ವರ್ಕ್ ಆರ್ಡರ್ ಪಡೆದಿರುವುದಾಗಿ ಇಂದು ಘೋಷಿಸಿದೆ. ಇದರಡಿ, ಸಂಸ್ಥೆ ಜಿಲ್ಲಾ ಮಟ್ಟದ ಆಧಾರ್ ಸೇವಾ ಕೇಂದ್ರ (ASK)ಗಳನ್ನು ಸ್ಥಾಪಿಸಿ ನಿರ್ವಹಿಸುವ ಸೇವಾ ಪೂರೈಕೆದಾರರಾಗಿ ಕಾರ್ಯನಿರ್ವಹಿಸಲಿದೆ. ಈ ASKಗಳು ನೇಮಕಾತಿ ಮತ್ತು ವಾಕ್-ಇನ್ ಆಧಾರಿತ ಆಧಾರ್ ನೋಂದಣಿ, ನವೀಕರಣಗಳು ಮತ್ತು ಇತರ ಪ್ರಜೆ ಕೇಂದ್ರಿತ ಆಧಾರ್ ಸೇವೆಗಳ ಪ್ರಮುಖ ಕೇಂದ್ರಗಳಾಗಿ ಕಾರ್ಯನಿರ್ವಹಿಸಲಿದ್ದು, ಪ್ರತಿಯೊಬ್ಬ ಭಾರತೀಯ ನಿವಾಸಿಗೆ ಭದ್ರ, ವಿಶ್ವಾಸಾರ್ಹ ಮತ್ತು ಸುಲಭವಾಗಿ ಲಭ್ಯವಿರುವ ಗುರುತಿನ ಸೇವೆಗಳನ್ನು ಒದಗಿಸುವ ಗುರಿಯಂತಹ ವಿಷನ್ ಅನ್ನು ಮತ್ತಷ್ಟು ಬಲಪಡಿಸುತ್ತವೆ. ಈ ಯೋಜನೆಯ ವ್ಯಾಪ್ತಿಯಲ್ಲಿ ಜಿಲ್ಲಾ ಮಟ್ಟದಲ್ಲಿ ಆಧಾರ್ ಸೇವಾ ಕೇಂದ್ರಗಳನ್ನು ಸ್ಥಾಪಿಸಿ ನಿರ್ವಹಿಸುವುದು, ಮತ್ತು
ಗುಣಮಟ್ಟ ಮೇಲ್ವಿಚಾರಣೆಯಡಿ ಪೂರ್ಣಕಾಲಿಕ ಜವಾಬ್ದಾರಿಯನ್ನು ಹೊರುವುದನ್ನು ಒಳಗೊಂಡಿದೆ. ಈ ವರ್ಕ್ ಆರ್ಡರ್ ಮೂಲಕ ಬಿಎಲ್ಎಸ್ ಇಂಟರ್‌ನ್ಯಾಷನಲ್ ತನ್ನನ್ನು
BLS INTERNATIONAL
ಜಾಗತಿಕ ಮಟ್ಟದಲ್ಲಿ ಸರ್ಕಾರಗಳ ವಿಶ್ವಾಸಾರ್ಹ ಪಾಲುದಾರರಾಗಿ ಮತ್ತಷ್ಟು ಸ್ಥಿರಪಡಿಸಿದೆ. 70ಕ್ಕೂ ಹೆಚ್ಚು ದೇಶಗಳಲ್ಲಿ ನಿರಂತರ ಮತ್ತು ಪರಿಣಾಮಕಾರಿ ಸೇವೆಗಳನ್ನು ಒದಗಿಸಿರುವ ದೃಢ ದಾಖಲೆ ಹೊಂದಿರುವ ಈ ಸಂಸ್ಥೆ, ಆಡಳಿತ, ಆರ್ಥಿಕ ಒಳಗೊಳ್ಳಿಕೆ ಮತ್ತು ಪ್ರಜೆ ಸೇವೆಗಳ ಕ್ಷೇತ್ರಗಳಲ್ಲಿ ತನ್ನ ಹಾದಿಯನ್ನು ವಿಸ್ತರಿಸುತ್ತಿದೆ.
ಮಂಡ್ಯ ಜಿಲ್ಲಾ ಶ್ರೀ ದುರ್ಗಾಪರಮೇಶ್ವರಿ ಬೆಸ್ತರ ಮೀನುಗಾರಿಕೆ ಸಹಕಾರ ಸಂಘ ನೂತನ ಪದಾಧಿಕಾರಿಗಳ ಆಯ್ಕೆ...
ಸಂಘದ ಚಟುವಟಿಕೆಗಳಿಗೆ ಯಾವ ರೀತಿ ಮಾಡಬೇಕು ಏನು ಮಾಡಬೇಕು ಯಾವ ಯಾವ ಸರ್ಕಾರದ ಸವಲತ್ತುಗಳನ್ನು ಯಾವ ರೀತಿ ಉಪಯೋಗಿಸಿಕೊಂಡು ನಮ್ಮ ಜನಾಂಗದ ಅಭಿವೃದ್ಧಿಪಡಿಸಬೇಕೆಂದು ಸಮಾಲೋಚನೆ ಮಾಡಲಾಯಿತು ಮುಖ್ಯವಾದ ವ್ಯಕ್ತಿಗಳಾಗಿ.. ದೇವರಾಜ್. ಕೆಣ್ಣಾಳು. ಕಾಜು. ವೆಂಕಟೇಶ್. ರಾಮಕೃಷ್ಣ ಬೋರಲಿಂಗಯ್ಯ ಗಾಯಿತ್ರಿ, ಪಾಲ್ಗೊಂಡು ಕಾರ್ಯಕ್ರಮ ಯಶಸ್ವಿಗೊಳಿಸಿದರು
ವರದಿ: ನಟರಾಜ್ ಚೆಟ್ಟಿ ಮಂಡ್ಯ
Printed by : H.L.AMARANATH, Owned by: H.L.AMARANATH, Printed at : SREE MANJUNATHA ENTERPRISES No. 7, Tirugappa lane, Cottonpet cross, Cottonpet, Bangalore-560053.
Published at : No.97, 2nd Cross, Vivekanandanagar, Khadi Commission Layout, BSK 3rd Stage, Kathariguppe Main Road, Bengaluru-560085. Mobile: 9663122276 Editor : H.L.AMARANATH
